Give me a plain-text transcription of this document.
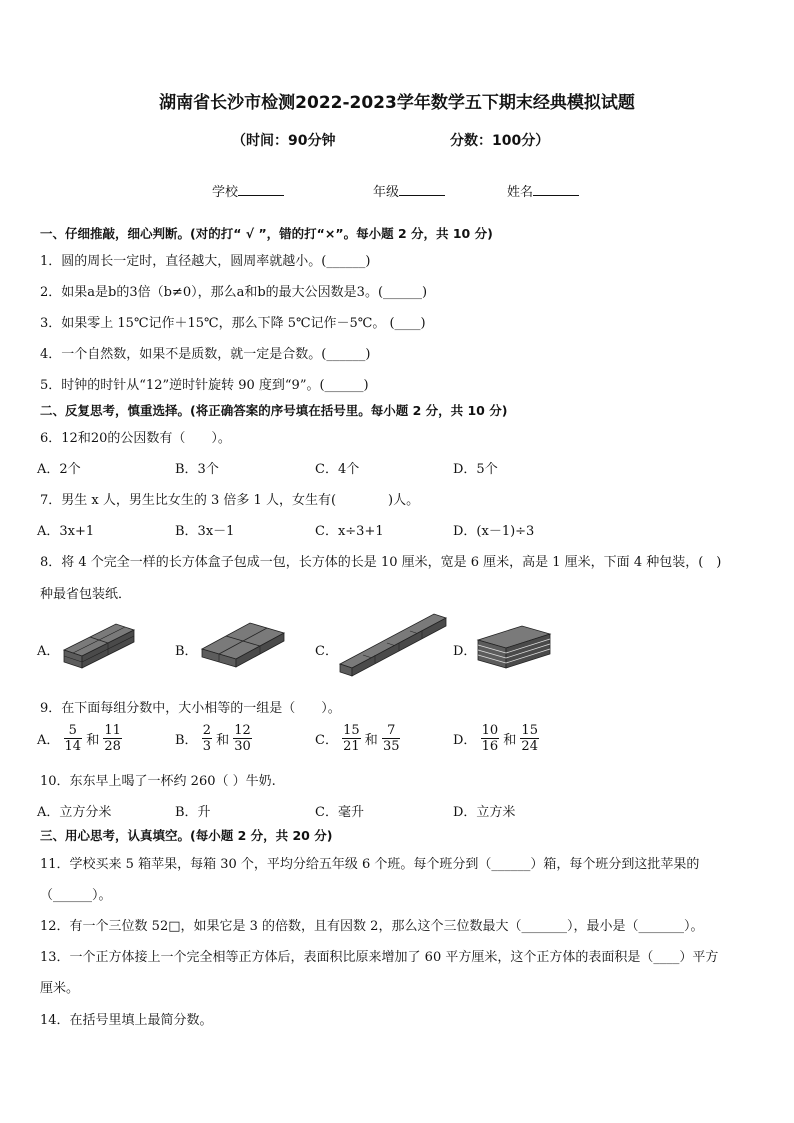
湖南省长沙市检测2022-2023学年数学五下期末经典模拟试题
（时间：90分钟	分数：100分）
学校	年级	姓名
一、仔细推敲，细心判断。(对的打“ √ ”，错的打“×”。每小题 2 分，共 10 分)
1．圆的周长一定时，直径越大，圆周率就越小。(______)
2．如果a是b的3倍（b≠0），那么a和b的最大公因数是3。(______)
3．如果零上 15℃记作＋15℃，那么下降 5℃记作－5℃。 (____)
4．一个自然数，如果不是质数，就一定是合数。(______)
5．时钟的时针从“12”逆时针旋转 90 度到“9”。(______)
二、反复思考，慎重选择。(将正确答案的序号填在括号里。每小题 2 分，共 10 分)
6．12和20的公因数有（　　）。
A．2个	B．3个	C．4个	D．5个
7．男生 x 人，男生比女生的 3 倍多 1 人，女生有(　　　　)人。
A．3x+1	B．3x－1	C．x÷3+1	D．(x－1)÷3
8．将 4 个完全一样的长方体盒子包成一包，长方体的长是 10 厘米，宽是 6 厘米，高是 1 厘米，下面 4 种包装，(　)
种最省包装纸．
A．	B．	C．	D．
9．在下面每组分数中，大小相等的一组是（　　）。
A． $\frac{5}{14}$ 和 $\frac{11}{28}$	B． $\frac{2}{3}$ 和 $\frac{12}{30}$	C． $\frac{15}{21}$ 和 $\frac{7}{35}$	D． $\frac{10}{16}$ 和 $\frac{15}{24}$
10．东东早上喝了一杯约 260（ ）牛奶.
A．立方分米	B．升	C．毫升	D．立方米
三、用心思考，认真填空。(每小题 2 分，共 20 分)
11．学校买来 5 箱苹果，每箱 30 个，平均分给五年级 6 个班。每个班分到（______）箱，每个班分到这批苹果的
（______）。
12．有一个三位数 52□，如果它是 3 的倍数，且有因数 2，那么这个三位数最大（_______），最小是（_______）。
13．一个正方体接上一个完全相等正方体后，表面积比原来增加了 60 平方厘米，这个正方体的表面积是（____）平方
厘米。
14．在括号里填上最简分数。
